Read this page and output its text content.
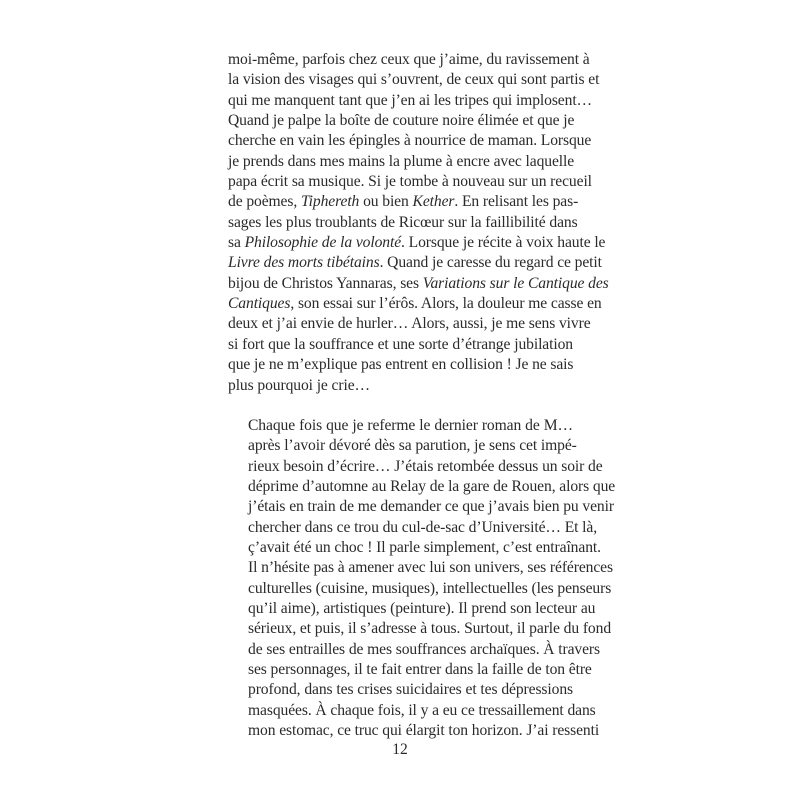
moi-même, parfois chez ceux que j’aime, du ravissement à
la vision des visages qui s’ouvrent, de ceux qui sont partis et
qui me manquent tant que j’en ai les tripes qui implosent…
Quand je palpe la boîte de couture noire élimée et que je
cherche en vain les épingles à nourrice de maman. Lorsque
je prends dans mes mains la plume à encre avec laquelle
papa écrit sa musique. Si je tombe à nouveau sur un recueil
de poèmes, Tiphereth ou bien Kether. En relisant les pas-
sages les plus troublants de Ricœur sur la faillibilité dans
sa Philosophie de la volonté. Lorsque je récite à voix haute le
Livre des morts tibétains. Quand je caresse du regard ce petit
bijou de Christos Yannaras, ses Variations sur le Cantique des
Cantiques, son essai sur l’érôs. Alors, la douleur me casse en
deux et j’ai envie de hurler… Alors, aussi, je me sens vivre
si fort que la souffrance et une sorte d’étrange jubilation
que je ne m’explique pas entrent en collision ! Je ne sais
plus pourquoi je crie…

Chaque fois que je referme le dernier roman de M…
après l’avoir dévoré dès sa parution, je sens cet impé-
rieux besoin d’écrire… J’étais retombée dessus un soir de
déprime d’automne au Relay de la gare de Rouen, alors que
j’étais en train de me demander ce que j’avais bien pu venir
chercher dans ce trou du cul-de-sac d’Université… Et là,
ç’avait été un choc ! Il parle simplement, c’est entraînant.
Il n’hésite pas à amener avec lui son univers, ses références
culturelles (cuisine, musiques), intellectuelles (les penseurs
qu’il aime), artistiques (peinture). Il prend son lecteur au
sérieux, et puis, il s’adresse à tous. Surtout, il parle du fond
de ses entrailles de mes souffrances archaïques. À travers
ses personnages, il te fait entrer dans la faille de ton être
profond, dans tes crises suicidaires et tes dépressions
masquées. À chaque fois, il y a eu ce tressaillement dans
mon estomac, ce truc qui élargit ton horizon. J’ai ressenti

12
